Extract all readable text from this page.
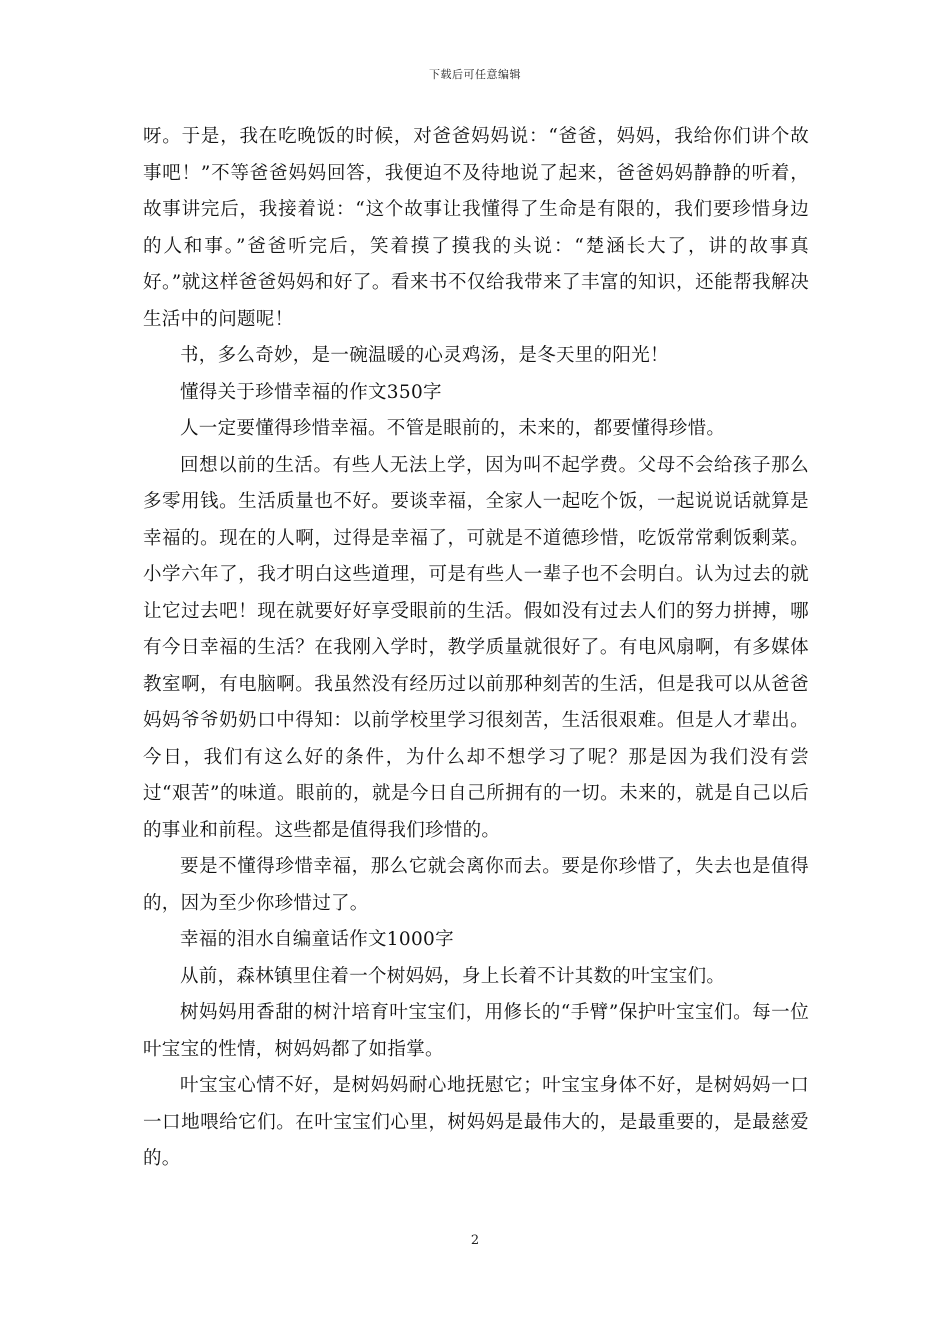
下载后可任意编辑

呀。于是，我在吃晚饭的时候，对爸爸妈妈说：“爸爸，妈妈，我给你们讲个故事吧！”不等爸爸妈妈回答，我便迫不及待地说了起来，爸爸妈妈静静的听着，故事讲完后，我接着说：“这个故事让我懂得了生命是有限的，我们要珍惜身边的人和事。”爸爸听完后，笑着摸了摸我的头说：“楚涵长大了，讲的故事真好。”就这样爸爸妈妈和好了。看来书不仅给我带来了丰富的知识，还能帮我解决生活中的问题呢！

书，多么奇妙，是一碗温暖的心灵鸡汤，是冬天里的阳光！

懂得关于珍惜幸福的作文350字

人一定要懂得珍惜幸福。不管是眼前的，未来的，都要懂得珍惜。

回想以前的生活。有些人无法上学，因为叫不起学费。父母不会给孩子那么多零用钱。生活质量也不好。要谈幸福，全家人一起吃个饭，一起说说话就算是幸福的。现在的人啊，过得是幸福了，可就是不道德珍惜，吃饭常常剩饭剩菜。小学六年了，我才明白这些道理，可是有些人一辈子也不会明白。认为过去的就让它过去吧！现在就要好好享受眼前的生活。假如没有过去人们的努力拼搏，哪有今日幸福的生活？在我刚入学时，教学质量就很好了。有电风扇啊，有多媒体教室啊，有电脑啊。我虽然没有经历过以前那种刻苦的生活，但是我可以从爸爸妈妈爷爷奶奶口中得知：以前学校里学习很刻苦，生活很艰难。但是人才辈出。今日，我们有这么好的条件，为什么却不想学习了呢？那是因为我们没有尝过“艰苦”的味道。眼前的，就是今日自己所拥有的一切。未来的，就是自己以后的事业和前程。这些都是值得我们珍惜的。

要是不懂得珍惜幸福，那么它就会离你而去。要是你珍惜了，失去也是值得的，因为至少你珍惜过了。

幸福的泪水自编童话作文1000字

从前，森林镇里住着一个树妈妈，身上长着不计其数的叶宝宝们。

树妈妈用香甜的树汁培育叶宝宝们，用修长的“手臂”保护叶宝宝们。每一位叶宝宝的性情，树妈妈都了如指掌。

叶宝宝心情不好，是树妈妈耐心地抚慰它；叶宝宝身体不好，是树妈妈一口一口地喂给它们。在叶宝宝们心里，树妈妈是最伟大的，是最重要的，是最慈爱的。

2
